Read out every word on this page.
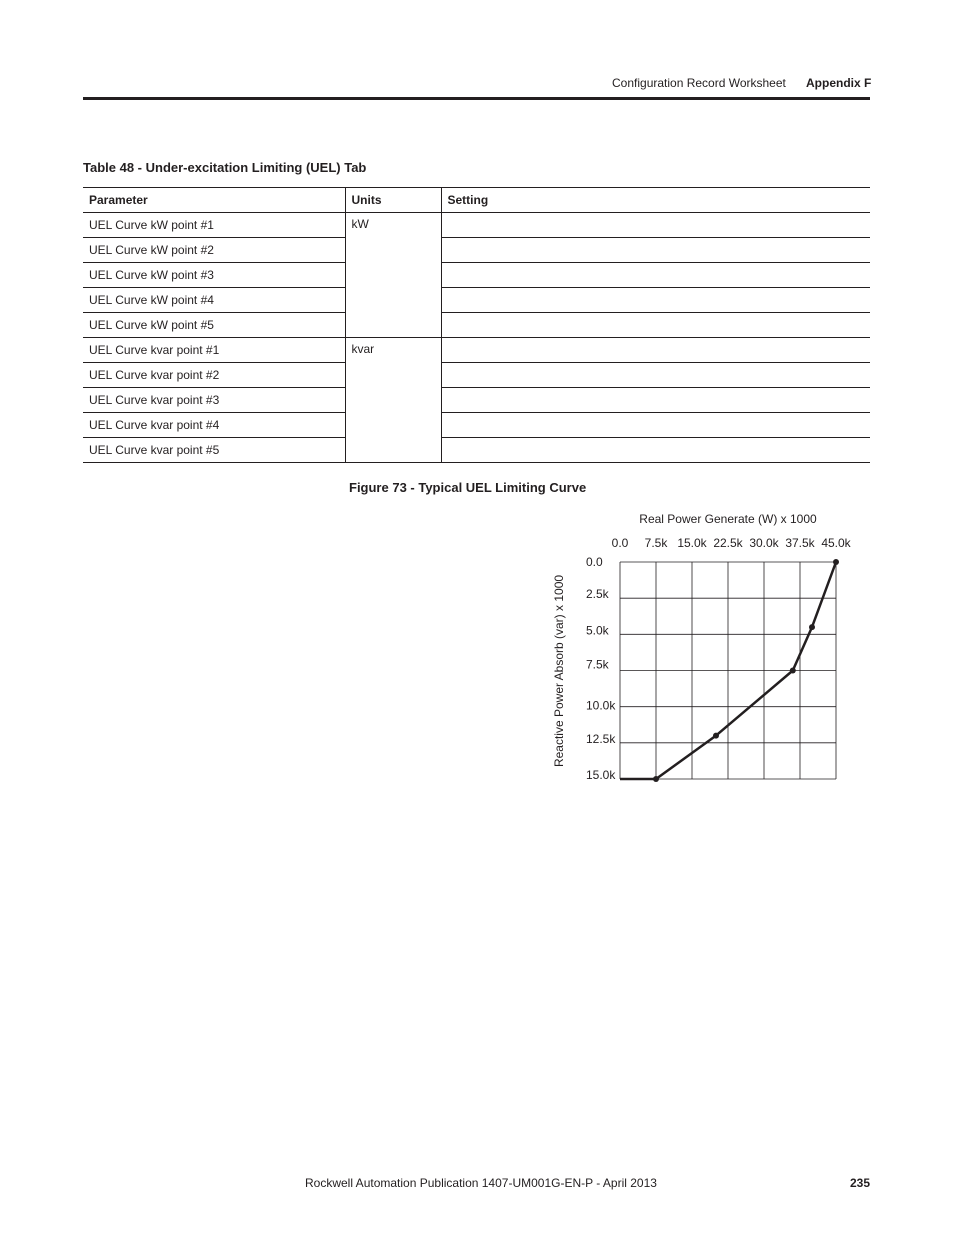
Configuration Record Worksheet Appendix F
Table 48 - Under-excitation Limiting (UEL) Tab
Parameter	Units	Setting
UEL Curve kW point #1	kW	
UEL Curve kW point #2		
UEL Curve kW point #3		
UEL Curve kW point #4		
UEL Curve kW point #5		
UEL Curve kvar point #1	kvar	
UEL Curve kvar point #2		
UEL Curve kvar point #3		
UEL Curve kvar point #4		
UEL Curve kvar point #5		
Figure 73 - Typical UEL Limiting Curve
Real Power Generate (W) x 1000
Reactive Power Absorb (var) x 1000
0.0 7.5k 15.0k 22.5k 30.0k 37.5k 45.0k
0.0
2.5k
5.0k
7.5k
10.0k
12.5k
15.0k
Rockwell Automation Publication 1407-UM001G-EN-P - April 2013	235
